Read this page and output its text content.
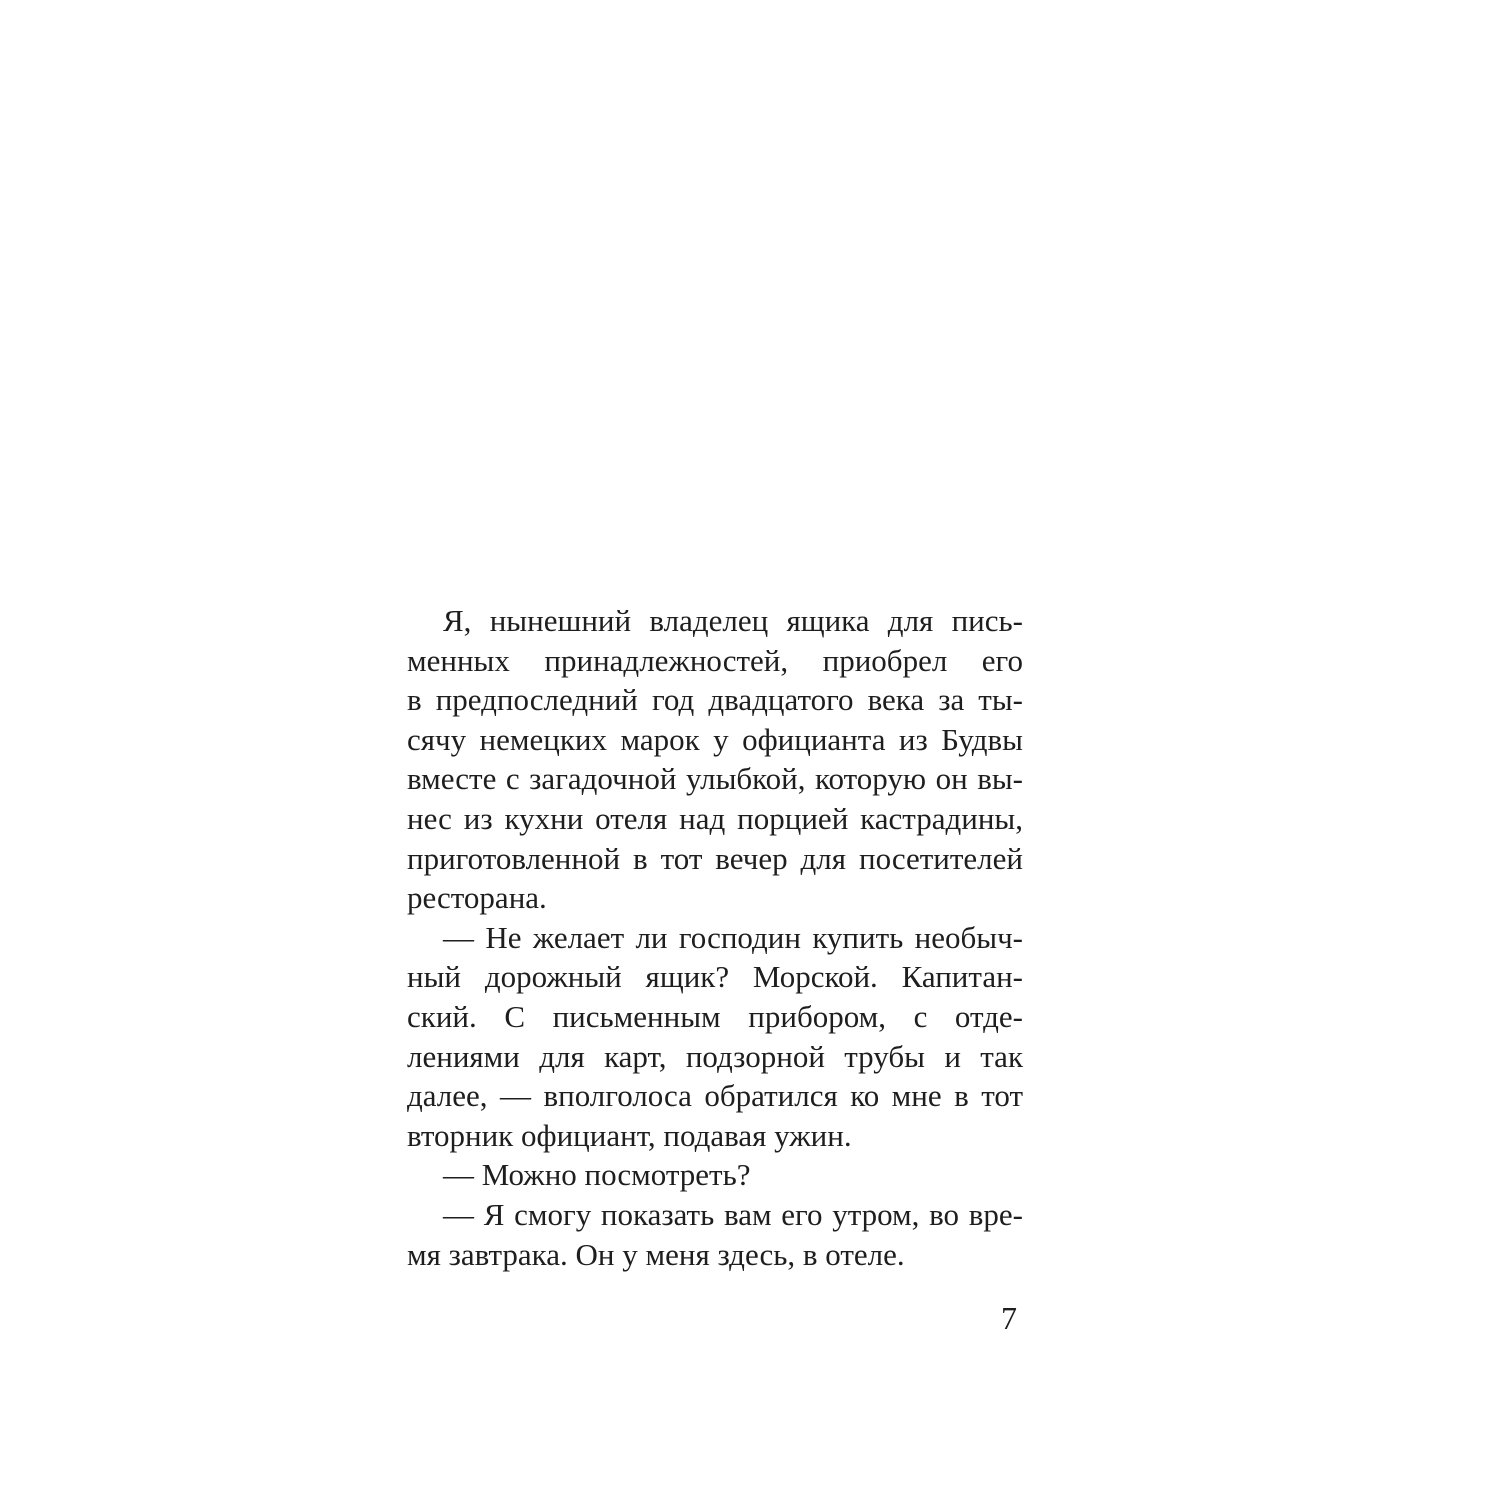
Я, нынешний владелец ящика для пись-
менных принадлежностей, приобрел его
в предпоследний год двадцатого века за ты-
сячу немецких марок у официанта из Будвы
вместе с загадочной улыбкой, которую он вы-
нес из кухни отеля над порцией кастрадины,
приготовленной в тот вечер для посетителей
ресторана.
— Не желает ли господин купить необыч-
ный дорожный ящик? Морской. Капитан-
ский. С письменным прибором, с отде-
лениями для карт, подзорной трубы и так
далее, — вполголоса обратился ко мне в тот
вторник официант, подавая ужин.
— Можно посмотреть?
— Я смогу показать вам его утром, во вре-
мя завтрака. Он у меня здесь, в отеле.
7
